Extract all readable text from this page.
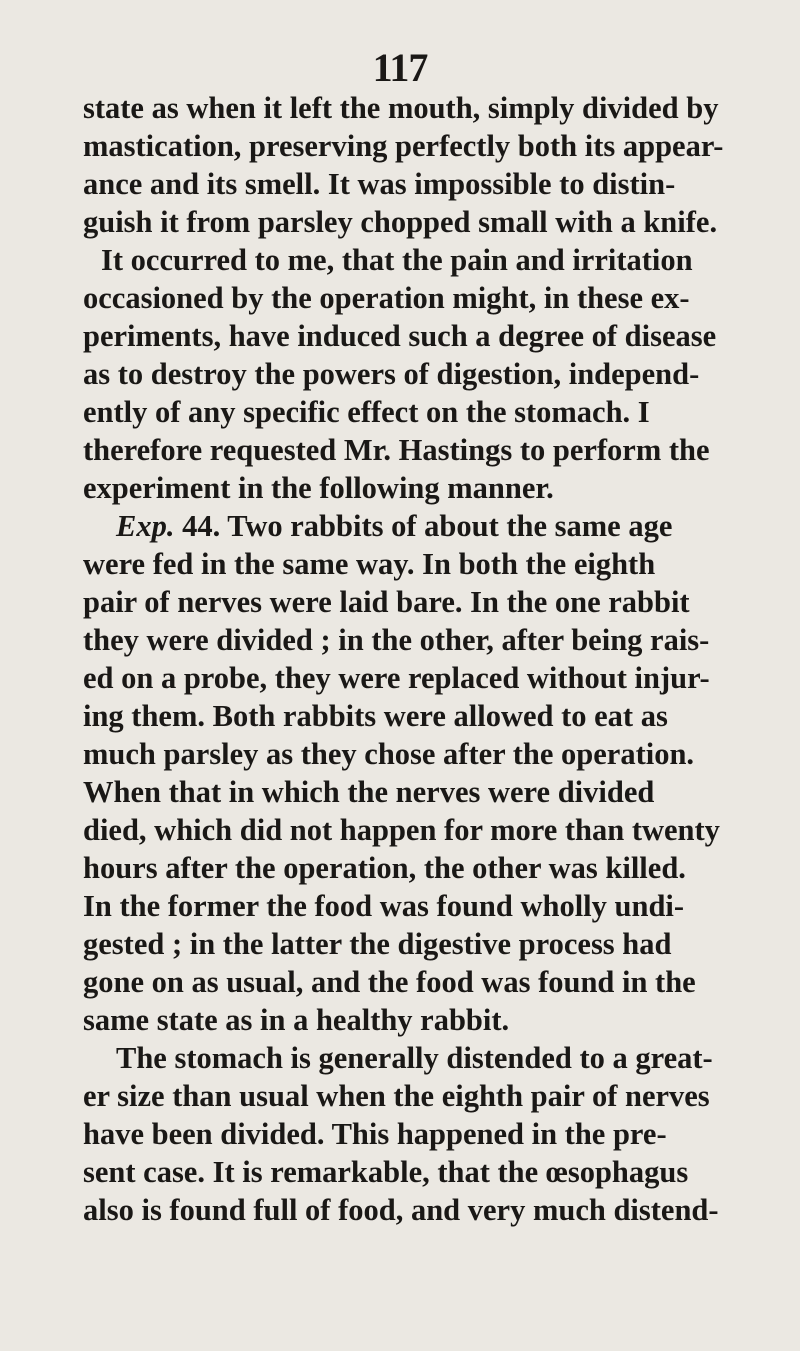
117
state as when it left the mouth, simply divided by
mastication, preserving perfectly both its appear-
ance and its smell. It was impossible to distin-
guish it from parsley chopped small with a knife.
It occurred to me, that the pain and irritation
occasioned by the operation might, in these ex-
periments, have induced such a degree of disease
as to destroy the powers of digestion, independ-
ently of any specific effect on the stomach. I
therefore requested Mr. Hastings to perform the
experiment in the following manner.
Exp. 44. Two rabbits of about the same age
were fed in the same way. In both the eighth
pair of nerves were laid bare. In the one rabbit
they were divided ; in the other, after being rais-
ed on a probe, they were replaced without injur-
ing them. Both rabbits were allowed to eat as
much parsley as they chose after the operation.
When that in which the nerves were divided
died, which did not happen for more than twenty
hours after the operation, the other was killed.
In the former the food was found wholly undi-
gested ; in the latter the digestive process had
gone on as usual, and the food was found in the
same state as in a healthy rabbit.
The stomach is generally distended to a great-
er size than usual when the eighth pair of nerves
have been divided. This happened in the pre-
sent case. It is remarkable, that the œsophagus
also is found full of food, and very much distend-
